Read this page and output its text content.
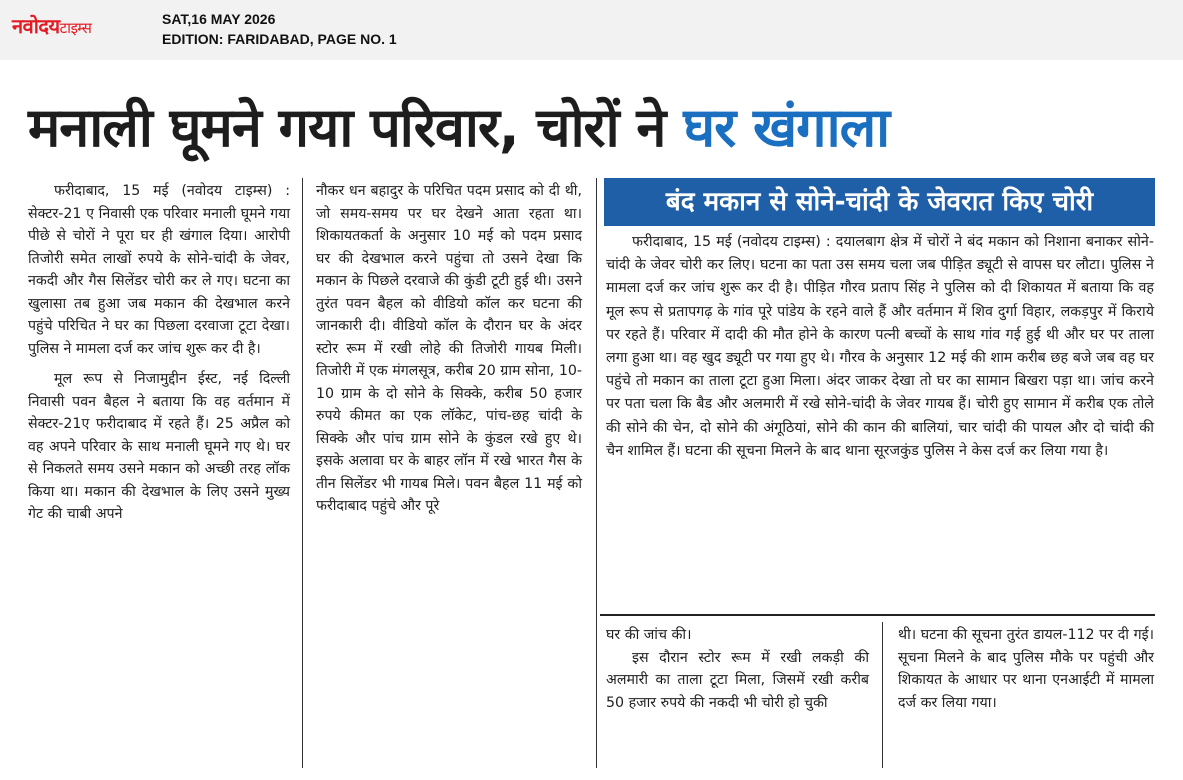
नवोदयटाइम्स	SAT,16 MAY 2026
EDITION: FARIDABAD, PAGE NO. 1
मनाली घूमने गया परिवार, चोरों ने घर खंगाला

फरीदाबाद, 15 मई (नवोदय टाइम्स) : सेक्टर-21 ए निवासी एक परिवार मनाली घूमने गया पीछे से चोरों ने पूरा घर ही खंगाल दिया। आरोपी तिजोरी समेत लाखों रुपये के सोने-चांदी के जेवर, नकदी और गैस सिलेंडर चोरी कर ले गए। घटना का खुलासा तब हुआ जब मकान की देखभाल करने पहुंचे परिचित ने घर का पिछला दरवाजा टूटा देखा। पुलिस ने मामला दर्ज कर जांच शुरू कर दी है।

मूल रूप से निजामुद्दीन ईस्ट, नई दिल्ली निवासी पवन बैहल ने बताया कि वह वर्तमान में सेक्टर-21ए फरीदाबाद में रहते हैं। 25 अप्रैल को वह अपने परिवार के साथ मनाली घूमने गए थे। घर से निकलते समय उसने मकान को अच्छी तरह लॉक किया था। मकान की देखभाल के लिए उसने मुख्य गेट की चाबी अपने

नौकर धन बहादुर के परिचित पदम प्रसाद को दी थी, जो समय-समय पर घर देखने आता रहता था। शिकायतकर्ता के अनुसार 10 मई को पदम प्रसाद घर की देखभाल करने पहुंचा तो उसने देखा कि मकान के पिछले दरवाजे की कुंडी टूटी हुई थी। उसने तुरंत पवन बैहल को वीडियो कॉल कर घटना की जानकारी दी। वीडियो कॉल के दौरान घर के अंदर स्टोर रूम में रखी लोहे की तिजोरी गायब मिली। तिजोरी में एक मंगलसूत्र, करीब 20 ग्राम सोना, 10-10 ग्राम के दो सोने के सिक्के, करीब 50 हजार रुपये कीमत का एक लॉकेट, पांच-छह चांदी के सिक्के और पांच ग्राम सोने के कुंडल रखे हुए थे। इसके अलावा घर के बाहर लॉन में रखे भारत गैस के तीन सिलेंडर भी गायब मिले। पवन बैहल 11 मई को फरीदाबाद पहुंचे और पूरे

बंद मकान से सोने-चांदी के जेवरात किए चोरी

फरीदाबाद, 15 मई (नवोदय टाइम्स) : दयालबाग क्षेत्र में चोरों ने बंद मकान को निशाना बनाकर सोने-चांदी के जेवर चोरी कर लिए। घटना का पता उस समय चला जब पीड़ित ड्यूटी से वापस घर लौटा। पुलिस ने मामला दर्ज कर जांच शुरू कर दी है। पीड़ित गौरव प्रताप सिंह ने पुलिस को दी शिकायत में बताया कि वह मूल रूप से प्रतापगढ़ के गांव पूरे पांडेय के रहने वाले हैं और वर्तमान में शिव दुर्गा विहार, लकड़पुर में किराये पर रहते हैं। परिवार में दादी की मौत होने के कारण पत्नी बच्चों के साथ गांव गई हुई थी और घर पर ताला लगा हुआ था। वह खुद ड्यूटी पर गया हुए थे। गौरव के अनुसार 12 मई की शाम करीब छह बजे जब वह घर पहुंचे तो मकान का ताला टूटा हुआ मिला। अंदर जाकर देखा तो घर का सामान बिखरा पड़ा था। जांच करने पर पता चला कि बैड और अलमारी में रखे सोने-चांदी के जेवर गायब हैं। चोरी हुए सामान में करीब एक तोले की सोने की चेन, दो सोने की अंगूठियां, सोने की कान की बालियां, चार चांदी की पायल और दो चांदी की चैन शामिल हैं। घटना की सूचना मिलने के बाद थाना सूरजकुंड पुलिस ने केस दर्ज कर लिया गया है।

घर की जांच की।

इस दौरान स्टोर रूम में रखी लकड़ी की अलमारी का ताला टूटा मिला, जिसमें रखी करीब 50 हजार रुपये की नकदी भी चोरी हो चुकी

थी। घटना की सूचना तुरंत डायल-112 पर दी गई। सूचना मिलने के बाद पुलिस मौके पर पहुंची और शिकायत के आधार पर थाना एनआईटी में मामला दर्ज कर लिया गया।
